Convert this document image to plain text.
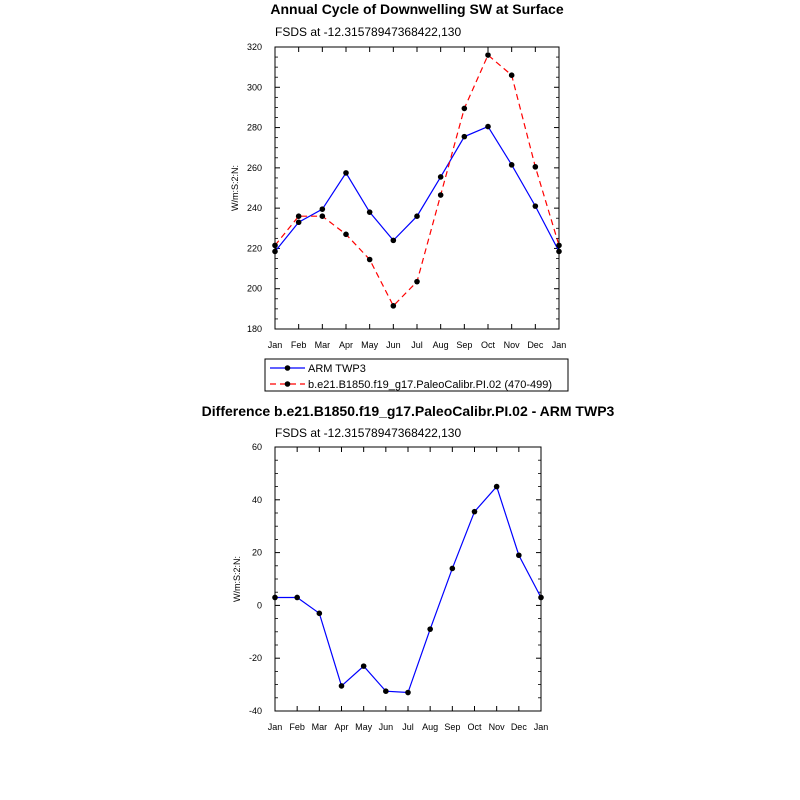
Annual Cycle of Downwelling SW at Surface
FSDS at -12.31578947368422,130
W/m:S:2:N:
Jan Feb Mar Apr May Jun Jul Aug Sep Oct Nov Dec Jan
180
200
220
240
260
280
300
320
ARM TWP3
b.e21.B1850.f19_g17.PaleoCalibr.PI.02 (470-499)
Difference b.e21.B1850.f19_g17.PaleoCalibr.PI.02 - ARM TWP3
FSDS at -12.31578947368422,130
W/m:S:2:N:
Jan Feb Mar Apr May Jun Jul Aug Sep Oct Nov Dec Jan
-40
-20
0
20
40
60
